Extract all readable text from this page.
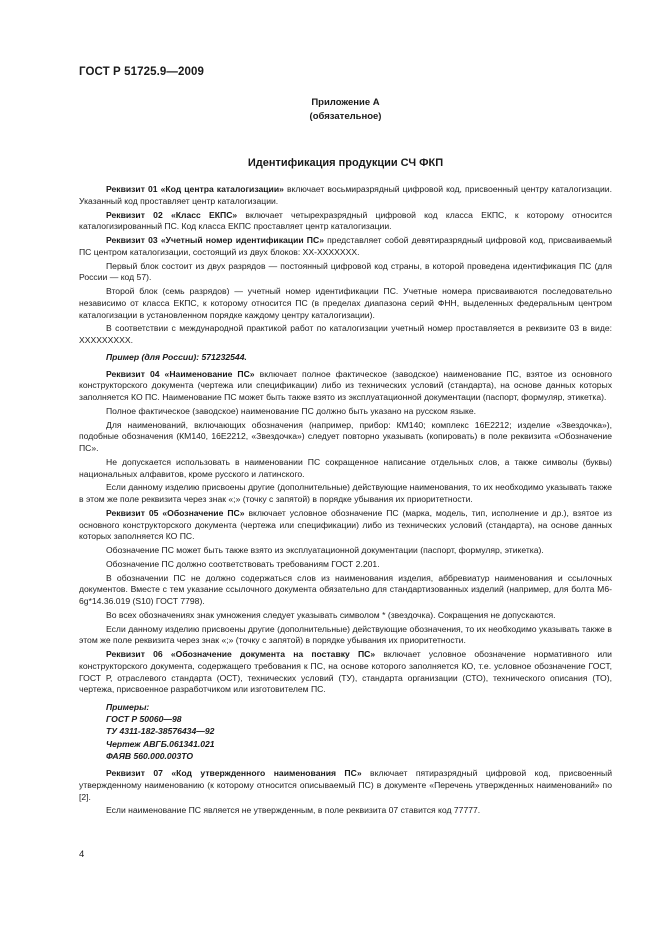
ГОСТ Р 51725.9—2009
Приложение А
(обязательное)
Идентификация продукции СЧ ФКП

Реквизит 01 «Код центра каталогизации» включает восьмиразрядный цифровой код, присвоенный центру каталогизации. Указанный код проставляет центр каталогизации.

Реквизит 02 «Класс ЕКПС» включает четырехразрядный цифровой код класса ЕКПС, к которому относится каталогизированный ПС. Код класса ЕКПС проставляет центр каталогизации.

Реквизит 03 «Учетный номер идентификации ПС» представляет собой девятиразрядный цифровой код, присваиваемый ПС центром каталогизации, состоящий из двух блоков: XX-XXXXXXX.

Первый блок состоит из двух разрядов — постоянный цифровой код страны, в которой проведена идентификация ПС (для России — код 57).

Второй блок (семь разрядов) — учетный номер идентификации ПС. Учетные номера присваиваются последовательно независимо от класса ЕКПС, к которому относится ПС (в пределах диапазона серий ФНН, выделенных федеральным центром каталогизации в установленном порядке каждому центру каталогизации).

В соответствии с международной практикой работ по каталогизации учетный номер проставляется в реквизите 03 в виде: XXXXXXXXX.

Пример (для России): 571232544.

Реквизит 04 «Наименование ПС» включает полное фактическое (заводское) наименование ПС, взятое из основного конструкторского документа (чертежа или спецификации) либо из технических условий (стандарта), на основе данных которых заполняется КО ПС. Наименование ПС может быть также взято из эксплуатационной документации (паспорт, формуляр, этикетка).

Полное фактическое (заводское) наименование ПС должно быть указано на русском языке.

Для наименований, включающих обозначения (например, прибор: КМ140; комплекс 16Е2212; изделие «Звездочка»), подобные обозначения (КМ140, 16Е2212, «Звездочка») следует повторно указывать (копировать) в поле реквизита «Обозначение ПС».

Не допускается использовать в наименовании ПС сокращенное написание отдельных слов, а также символы (буквы) национальных алфавитов, кроме русского и латинского.

Если данному изделию присвоены другие (дополнительные) действующие наименования, то их необходимо указывать также в этом же поле реквизита через знак «;» (точку с запятой) в порядке убывания их приоритетности.

Реквизит 05 «Обозначение ПС» включает условное обозначение ПС (марка, модель, тип, исполнение и др.), взятое из основного конструкторского документа (чертежа или спецификации) либо из технических условий (стандарта), на основе данных которых заполняется КО ПС.

Обозначение ПС может быть также взято из эксплуатационной документации (паспорт, формуляр, этикетка).

Обозначение ПС должно соответствовать требованиям ГОСТ 2.201.

В обозначении ПС не должно содержаться слов из наименования изделия, аббревиатур наименования и ссылочных документов. Вместе с тем указание ссылочного документа обязательно для стандартизованных изделий (например, для болта М6-6g*14.36.019 (S10) ГОСТ 7798).

Во всех обозначениях знак умножения следует указывать символом * (звездочка). Сокращения не допускаются.

Если данному изделию присвоены другие (дополнительные) действующие обозначения, то их необходимо указывать также в этом же поле реквизита через знак «;» (точку с запятой) в порядке убывания их приоритетности.

Реквизит 06 «Обозначение документа на поставку ПС» включает условное обозначение нормативного или конструкторского документа, содержащего требования к ПС, на основе которого заполняется КО, т.е. условное обозначение ГОСТ, ГОСТ Р, отраслевого стандарта (ОСТ), технических условий (ТУ), стандарта организации (СТО), технического описания (ТО), чертежа, присвоенное разработчиком или изготовителем ПС.

Примеры:
ГОСТ Р 50060—98
ТУ 4311-182-38576434—92
Чертеж АВГБ.061341.021
ФАЯВ 560.000.003ТО

Реквизит 07 «Код утвержденного наименования ПС» включает пятиразрядный цифровой код, присвоенный утвержденному наименованию (к которому относится описываемый ПС) в документе «Перечень утвержденных наименований» по [2].

Если наименование ПС является не утвержденным, в поле реквизита 07 ставится код 77777.

4
